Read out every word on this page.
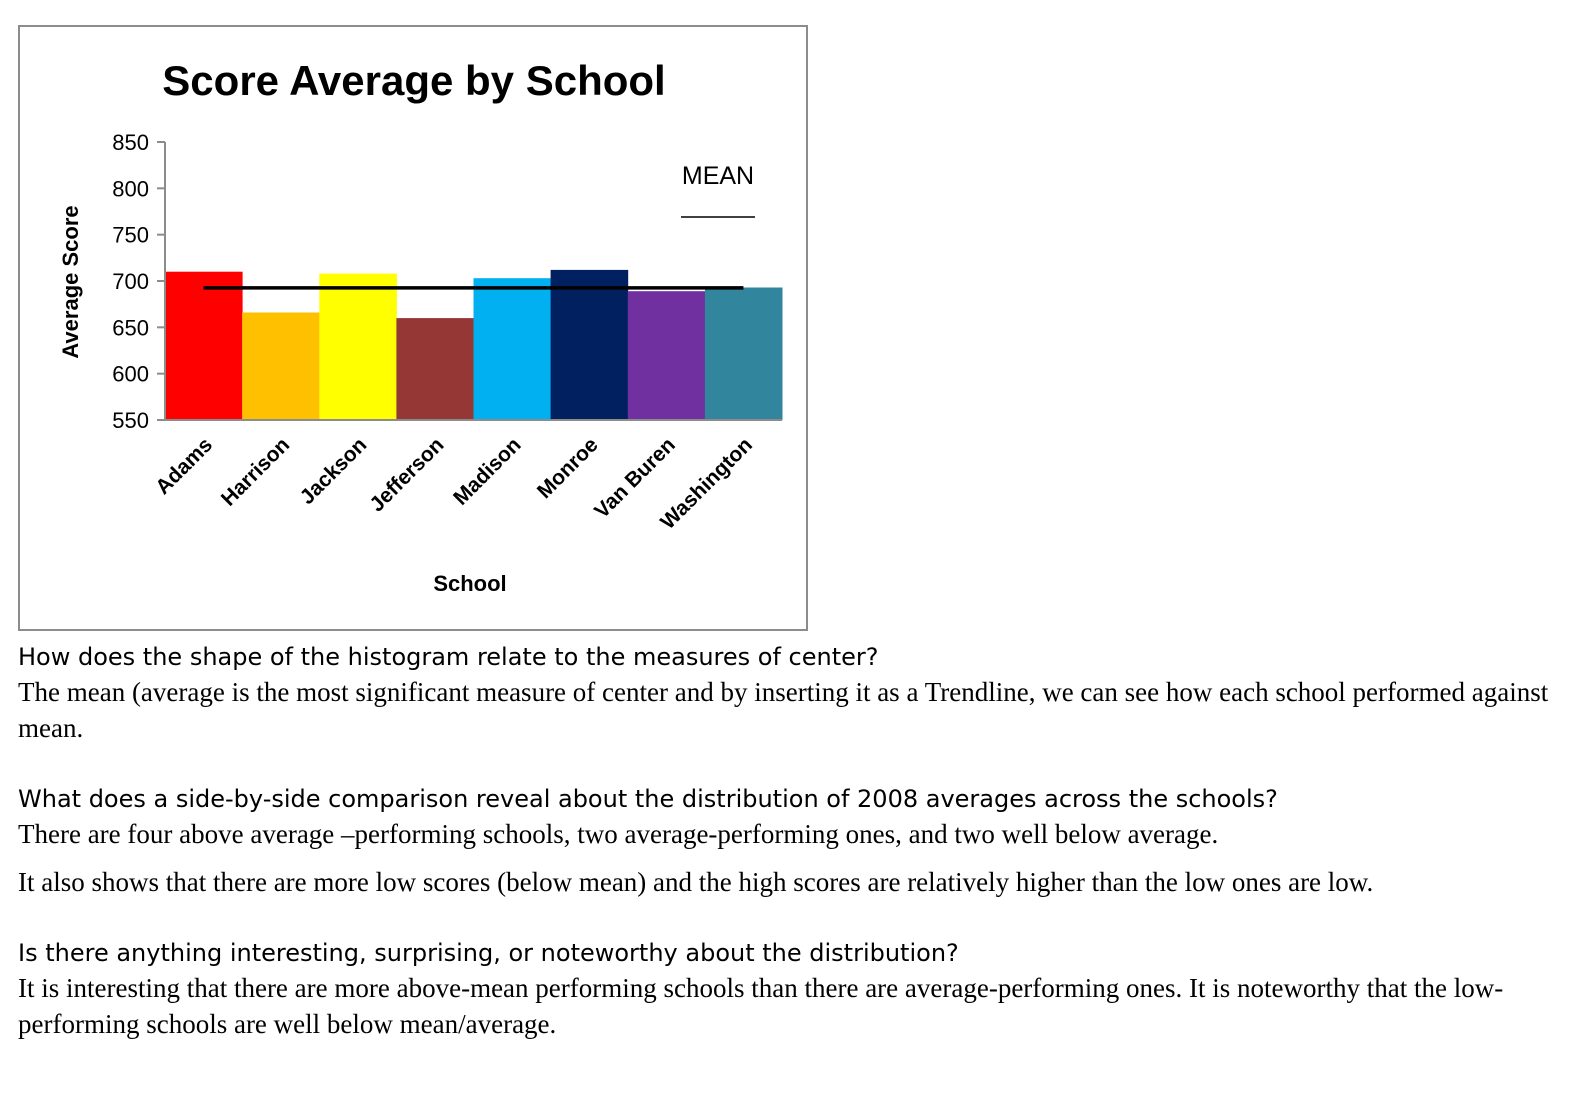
Score Average by School
Average Score
School
850
800
750
700
650
600
550
Adams Harrison Jackson
Jefferson Madison Monroe
Van Buren
Washington
MEAN
How does the shape of the histogram relate to the measures of center?
The mean (average is the most significant measure of center and by inserting it as a Trendline, we can see how each school performed against mean.
What does a side-by-side comparison reveal about the distribution of 2008 averages across the schools?
There are four above average –performing schools, two average-performing ones, and two well below average.
It also shows that there are more low scores (below mean) and the high scores are relatively higher than the low ones are low.
Is there anything interesting, surprising, or noteworthy about the distribution?
It is interesting that there are more above-mean performing schools than there are average-performing ones. It is noteworthy that the low-performing schools are well below mean/average.
